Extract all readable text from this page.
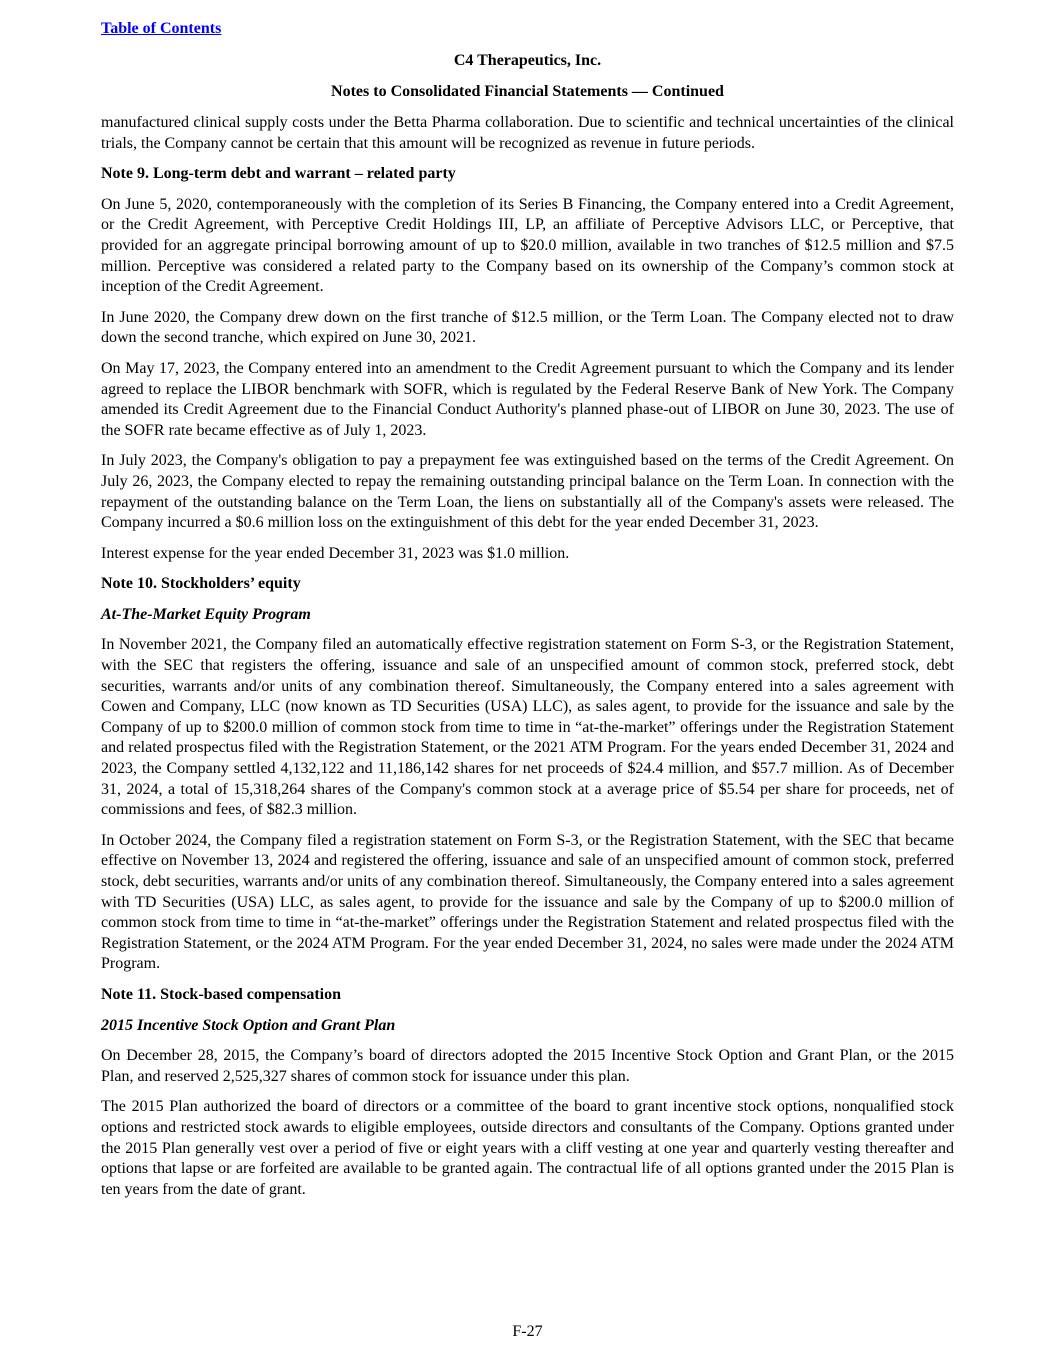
Table of Contents
C4 Therapeutics, Inc.
Notes to Consolidated Financial Statements — Continued

manufactured clinical supply costs under the Betta Pharma collaboration. Due to scientific and technical uncertainties of the clinical trials, the Company cannot be certain that this amount will be recognized as revenue in future periods.

Note 9. Long-term debt and warrant – related party

On June 5, 2020, contemporaneously with the completion of its Series B Financing, the Company entered into a Credit Agreement, or the Credit Agreement, with Perceptive Credit Holdings III, LP, an affiliate of Perceptive Advisors LLC, or Perceptive, that provided for an aggregate principal borrowing amount of up to $20.0 million, available in two tranches of $12.5 million and $7.5 million. Perceptive was considered a related party to the Company based on its ownership of the Company’s common stock at inception of the Credit Agreement.

In June 2020, the Company drew down on the first tranche of $12.5 million, or the Term Loan. The Company elected not to draw down the second tranche, which expired on June 30, 2021.

On May 17, 2023, the Company entered into an amendment to the Credit Agreement pursuant to which the Company and its lender agreed to replace the LIBOR benchmark with SOFR, which is regulated by the Federal Reserve Bank of New York. The Company amended its Credit Agreement due to the Financial Conduct Authority's planned phase-out of LIBOR on June 30, 2023. The use of the SOFR rate became effective as of July 1, 2023.

In July 2023, the Company's obligation to pay a prepayment fee was extinguished based on the terms of the Credit Agreement. On July 26, 2023, the Company elected to repay the remaining outstanding principal balance on the Term Loan. In connection with the repayment of the outstanding balance on the Term Loan, the liens on substantially all of the Company's assets were released. The Company incurred a $0.6 million loss on the extinguishment of this debt for the year ended December 31, 2023.

Interest expense for the year ended December 31, 2023 was $1.0 million.

Note 10. Stockholders’ equity
At-The-Market Equity Program

In November 2021, the Company filed an automatically effective registration statement on Form S-3, or the Registration Statement, with the SEC that registers the offering, issuance and sale of an unspecified amount of common stock, preferred stock, debt securities, warrants and/or units of any combination thereof. Simultaneously, the Company entered into a sales agreement with Cowen and Company, LLC (now known as TD Securities (USA) LLC), as sales agent, to provide for the issuance and sale by the Company of up to $200.0 million of common stock from time to time in “at-the-market” offerings under the Registration Statement and related prospectus filed with the Registration Statement, or the 2021 ATM Program. For the years ended December 31, 2024 and 2023, the Company settled 4,132,122 and 11,186,142 shares for net proceeds of $24.4 million, and $57.7 million. As of December 31, 2024, a total of 15,318,264 shares of the Company's common stock at a average price of $5.54 per share for proceeds, net of commissions and fees, of $82.3 million.

In October 2024, the Company filed a registration statement on Form S-3, or the Registration Statement, with the SEC that became effective on November 13, 2024 and registered the offering, issuance and sale of an unspecified amount of common stock, preferred stock, debt securities, warrants and/or units of any combination thereof. Simultaneously, the Company entered into a sales agreement with TD Securities (USA) LLC, as sales agent, to provide for the issuance and sale by the Company of up to $200.0 million of common stock from time to time in “at-the-market” offerings under the Registration Statement and related prospectus filed with the Registration Statement, or the 2024 ATM Program. For the year ended December 31, 2024, no sales were made under the 2024 ATM Program.

Note 11. Stock-based compensation
2015 Incentive Stock Option and Grant Plan

On December 28, 2015, the Company’s board of directors adopted the 2015 Incentive Stock Option and Grant Plan, or the 2015 Plan, and reserved 2,525,327 shares of common stock for issuance under this plan.

The 2015 Plan authorized the board of directors or a committee of the board to grant incentive stock options, nonqualified stock options and restricted stock awards to eligible employees, outside directors and consultants of the Company. Options granted under the 2015 Plan generally vest over a period of five or eight years with a cliff vesting at one year and quarterly vesting thereafter and options that lapse or are forfeited are available to be granted again. The contractual life of all options granted under the 2015 Plan is ten years from the date of grant.

F-27
